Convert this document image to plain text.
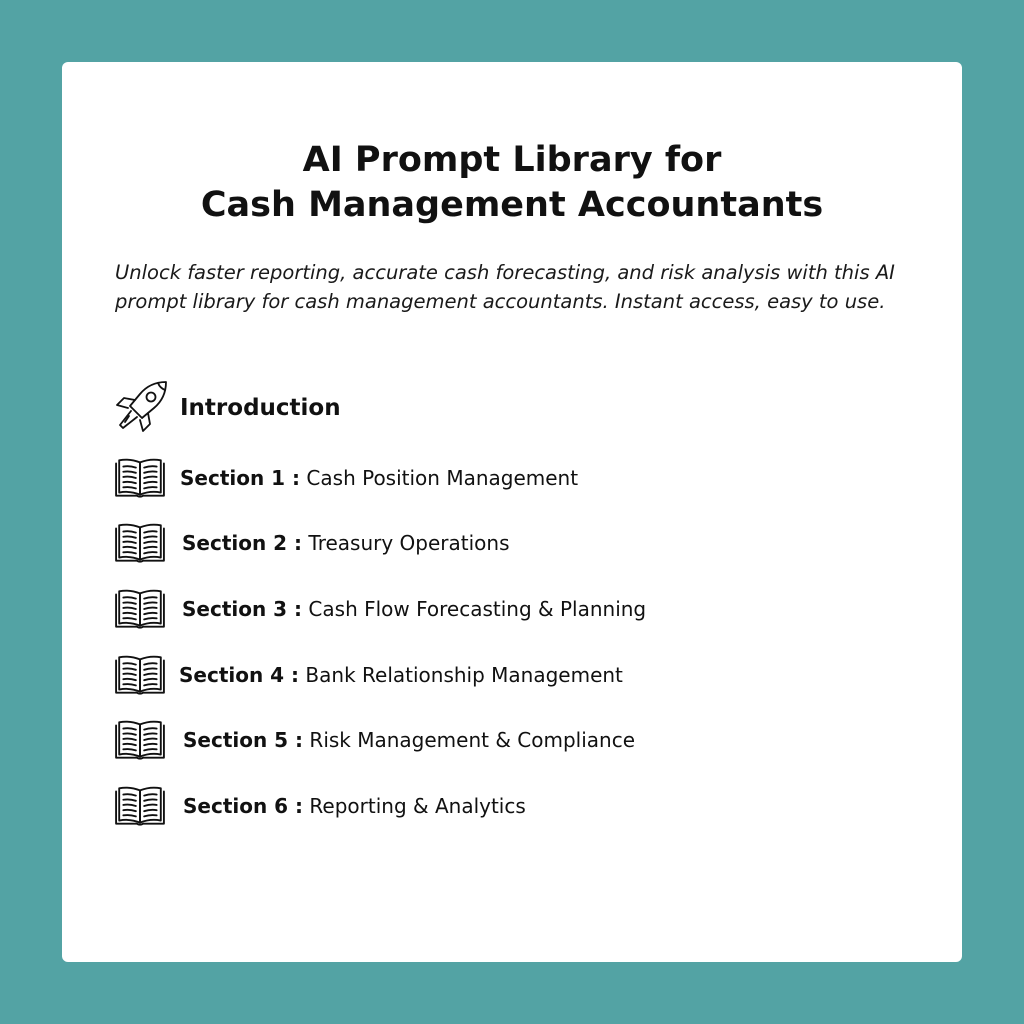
AI Prompt Library for
Cash Management Accountants

Unlock faster reporting, accurate cash forecasting, and risk analysis with this AI prompt library for cash management accountants. Instant access, easy to use.

Introduction
Section 1 : Cash Position Management
Section 2 : Treasury Operations
Section 3 : Cash Flow Forecasting & Planning
Section 4 : Bank Relationship Management
Section 5 : Risk Management & Compliance
Section 6 : Reporting & Analytics
